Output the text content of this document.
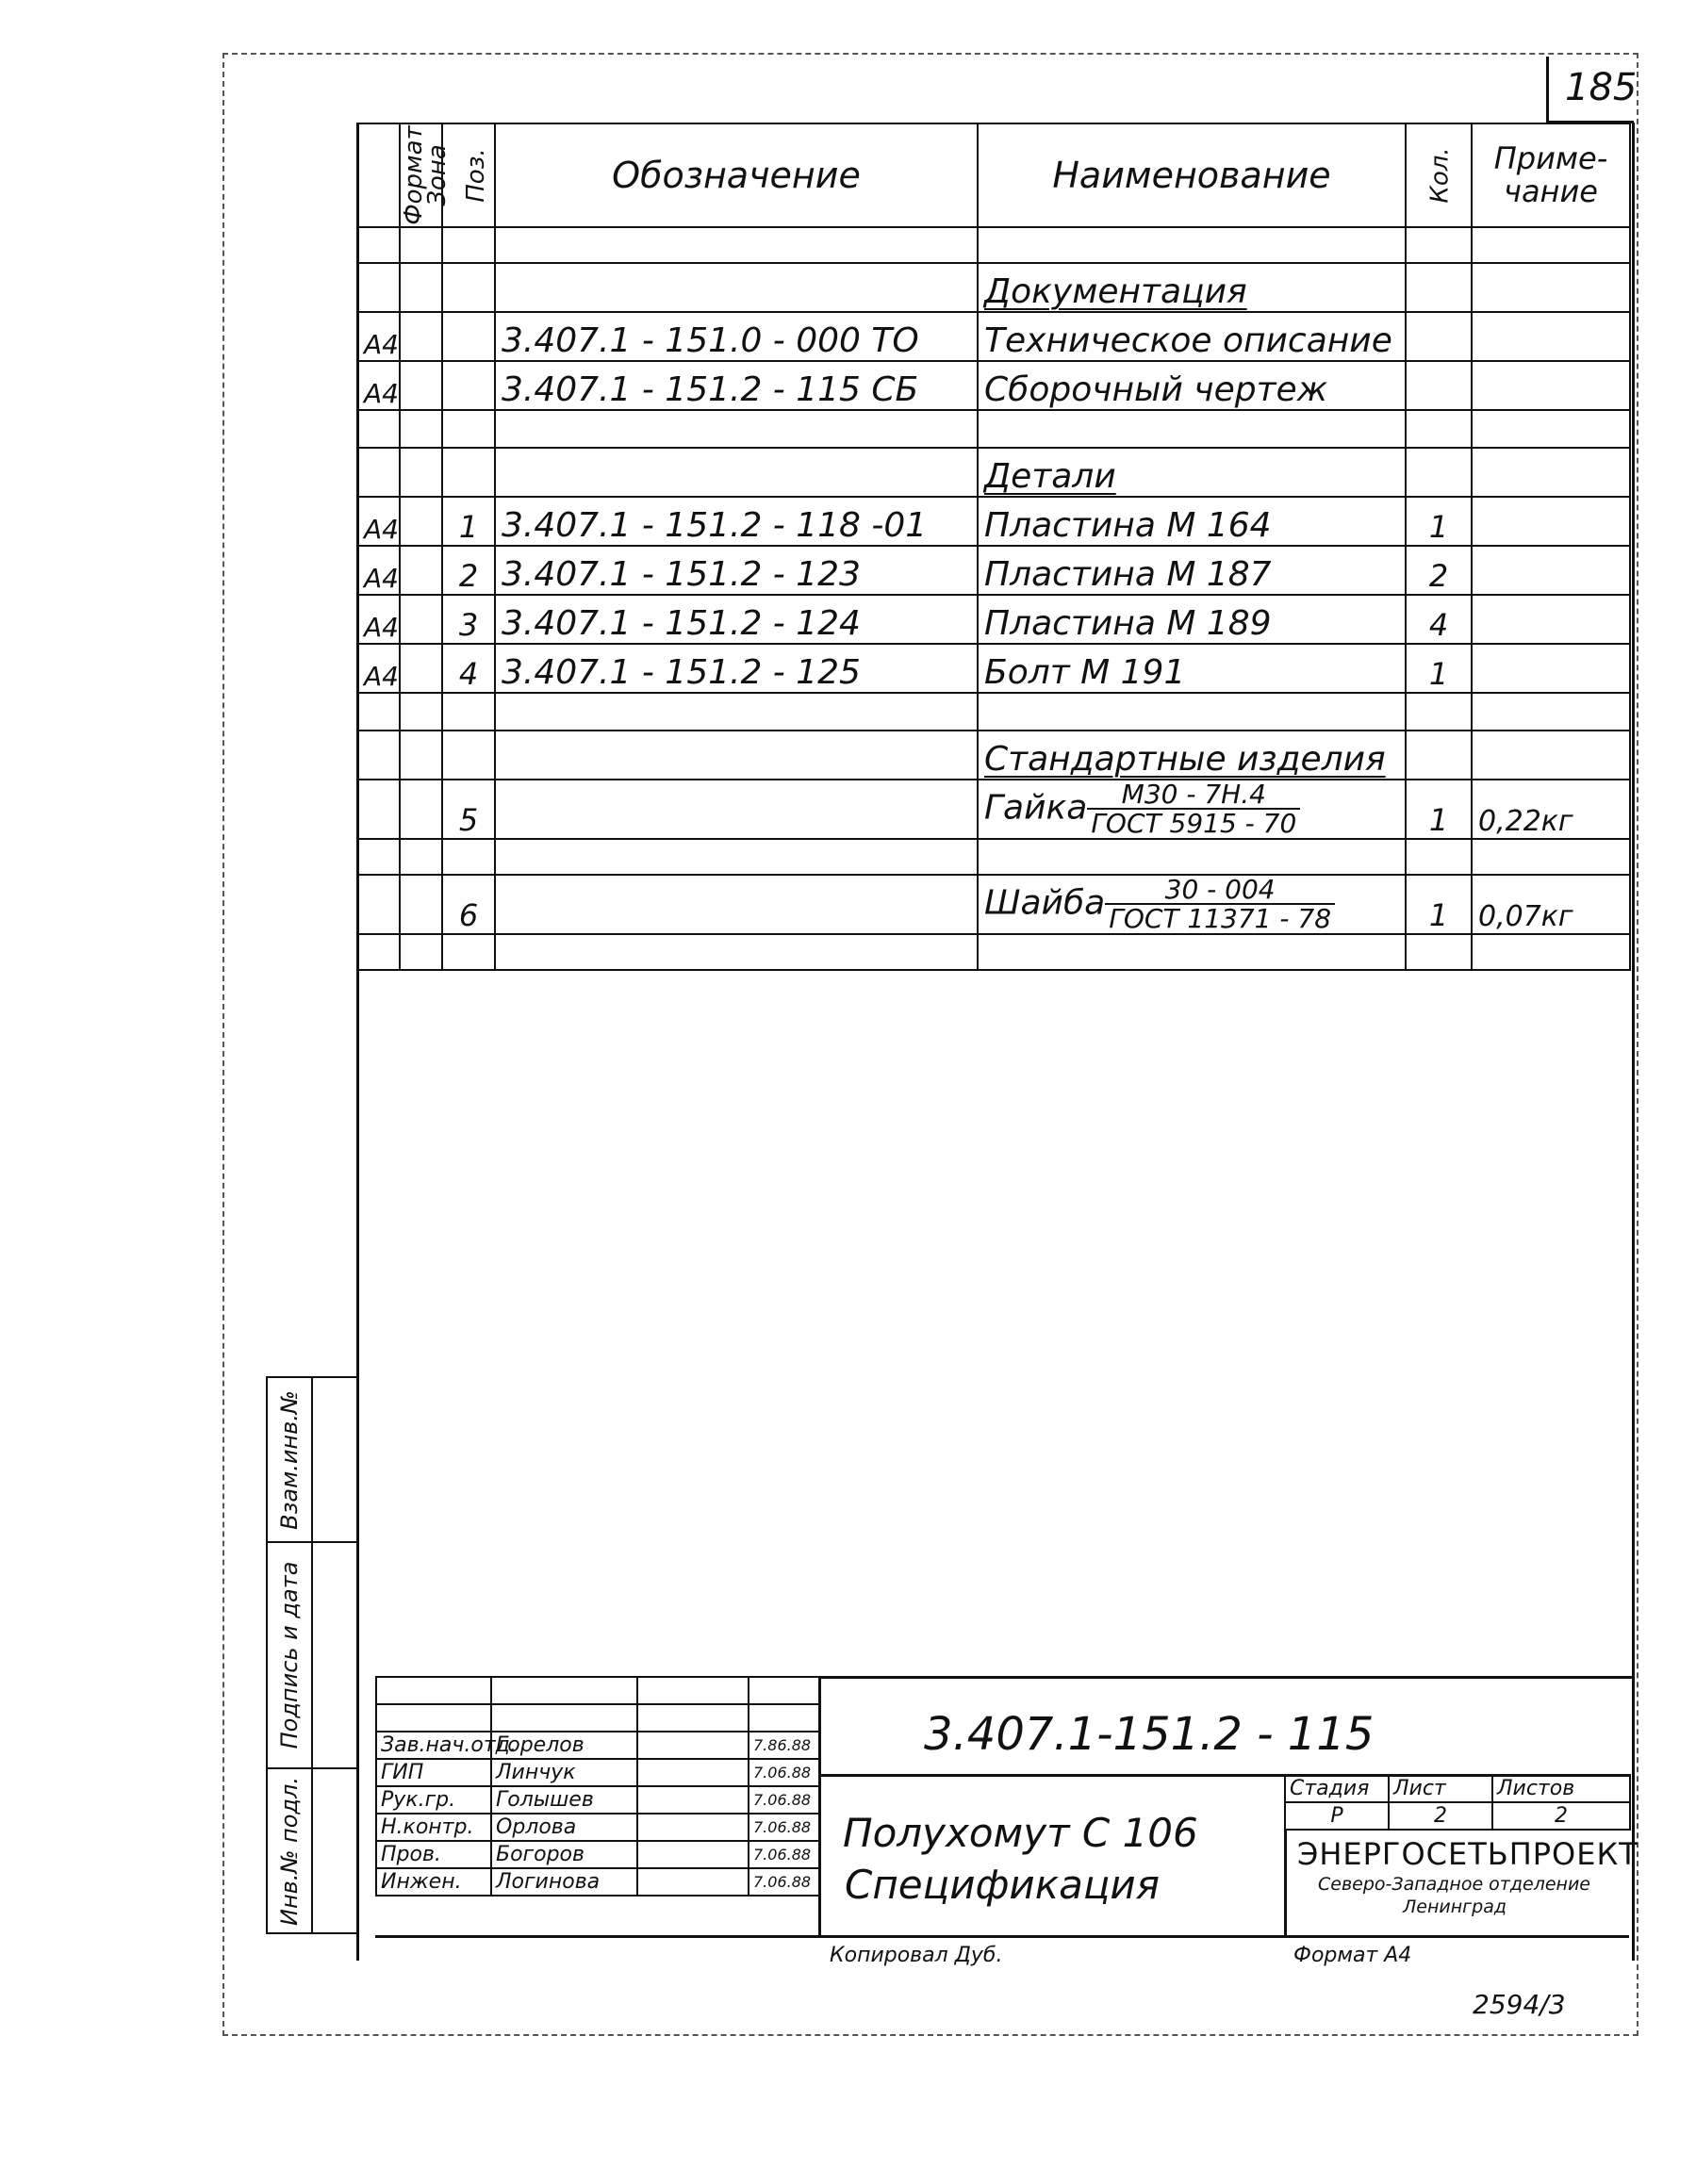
185
Формат	Зона	Поз.	Обозначение	Наименование	Кол.	Приме-
чание

				Документация		
А4			3.407.1 - 151.0 - 000 ТО	Техническое описание		
А4			3.407.1 - 151.2 - 115 СБ	Сборочный чертеж		

				Детали		
А4		1	3.407.1 - 151.2 - 118 -01	Пластина М 164	1	
А4		2	3.407.1 - 151.2 - 123	Пластина М 187	2	
А4		3	3.407.1 - 151.2 - 124	Пластина М 189	4	
А4		4	3.407.1 - 151.2 - 125	Болт М 191	1	

				Стандартные изделия		
		5		Гайка $\frac{М30 - 7Н.4}{\text{ГОСТ 5915 - 70}}$	1	0,22кг

		6		Шайба $\frac{30 - 004}{\text{ГОСТ 11371 - 78}}$	1	0,07кг

Взам.инв.№	

Подпись и дата	

Инв.№ подл.	

Зав.нач.отд.	Горелов		7.86.88
ГИП	Линчук		7.06.88
Рук.гр.	Голышев		7.06.88
Н.контр.	Орлова		7.06.88
Пров.	Богоров		7.06.88
Инжен.	Логинова		7.06.88
3.407.1-151.2 - 115
Полухомут С 106
Спецификация
Стадия	Лист	Листов
Р	2	2
ЭНЕРГОСЕТЬПРОЕКТ
Северо-Западное отделение
Ленинград
Копировал Дуб.	Формат А4
2594/3
